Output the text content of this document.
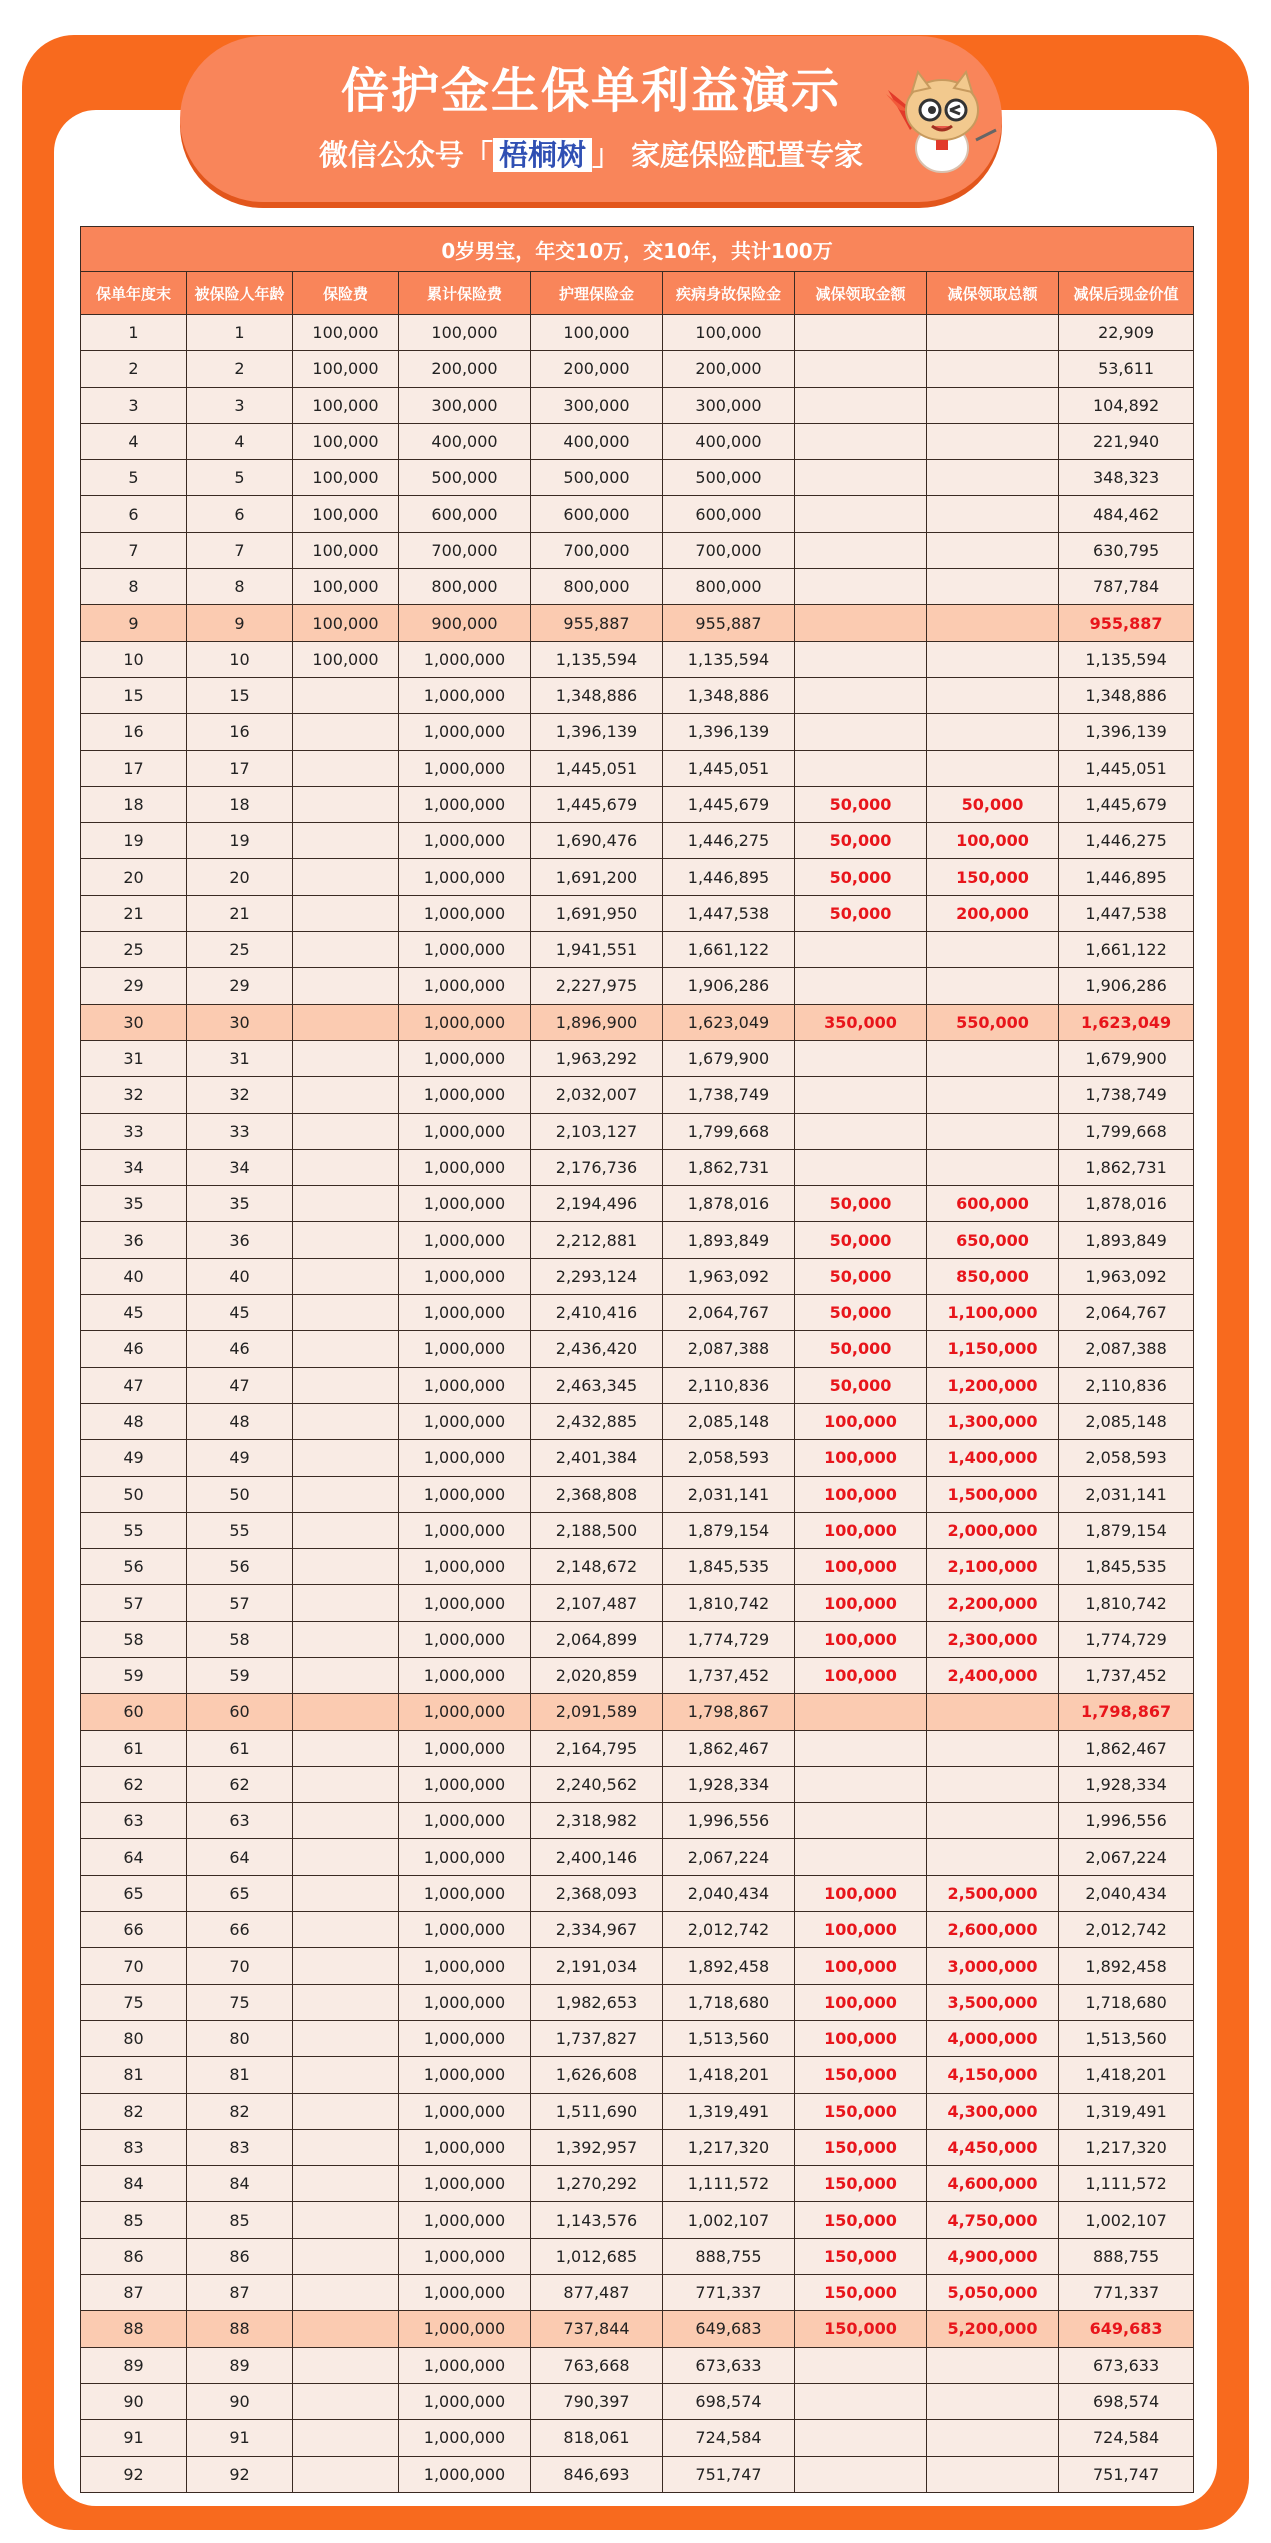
倍护金生保单利益演示
微信公众号「 梧桐树 」 家庭保险配置专家
0岁男宝，年交10万，交10年，共计100万								
保单年度末	被保险人年龄	保险费	累计保险费	护理保险金	疾病身故保险金	减保领取金额	减保领取总额	减保后现金价值
1	1	100,000	100,000	100,000	100,000			22,909
2	2	100,000	200,000	200,000	200,000			53,611
3	3	100,000	300,000	300,000	300,000			104,892
4	4	100,000	400,000	400,000	400,000			221,940
5	5	100,000	500,000	500,000	500,000			348,323
6	6	100,000	600,000	600,000	600,000			484,462
7	7	100,000	700,000	700,000	700,000			630,795
8	8	100,000	800,000	800,000	800,000			787,784
9	9	100,000	900,000	955,887	955,887			955,887
10	10	100,000	1,000,000	1,135,594	1,135,594			1,135,594
15	15		1,000,000	1,348,886	1,348,886			1,348,886
16	16		1,000,000	1,396,139	1,396,139			1,396,139
17	17		1,000,000	1,445,051	1,445,051			1,445,051
18	18		1,000,000	1,445,679	1,445,679	50,000	50,000	1,445,679
19	19		1,000,000	1,690,476	1,446,275	50,000	100,000	1,446,275
20	20		1,000,000	1,691,200	1,446,895	50,000	150,000	1,446,895
21	21		1,000,000	1,691,950	1,447,538	50,000	200,000	1,447,538
25	25		1,000,000	1,941,551	1,661,122			1,661,122
29	29		1,000,000	2,227,975	1,906,286			1,906,286
30	30		1,000,000	1,896,900	1,623,049	350,000	550,000	1,623,049
31	31		1,000,000	1,963,292	1,679,900			1,679,900
32	32		1,000,000	2,032,007	1,738,749			1,738,749
33	33		1,000,000	2,103,127	1,799,668			1,799,668
34	34		1,000,000	2,176,736	1,862,731			1,862,731
35	35		1,000,000	2,194,496	1,878,016	50,000	600,000	1,878,016
36	36		1,000,000	2,212,881	1,893,849	50,000	650,000	1,893,849
40	40		1,000,000	2,293,124	1,963,092	50,000	850,000	1,963,092
45	45		1,000,000	2,410,416	2,064,767	50,000	1,100,000	2,064,767
46	46		1,000,000	2,436,420	2,087,388	50,000	1,150,000	2,087,388
47	47		1,000,000	2,463,345	2,110,836	50,000	1,200,000	2,110,836
48	48		1,000,000	2,432,885	2,085,148	100,000	1,300,000	2,085,148
49	49		1,000,000	2,401,384	2,058,593	100,000	1,400,000	2,058,593
50	50		1,000,000	2,368,808	2,031,141	100,000	1,500,000	2,031,141
55	55		1,000,000	2,188,500	1,879,154	100,000	2,000,000	1,879,154
56	56		1,000,000	2,148,672	1,845,535	100,000	2,100,000	1,845,535
57	57		1,000,000	2,107,487	1,810,742	100,000	2,200,000	1,810,742
58	58		1,000,000	2,064,899	1,774,729	100,000	2,300,000	1,774,729
59	59		1,000,000	2,020,859	1,737,452	100,000	2,400,000	1,737,452
60	60		1,000,000	2,091,589	1,798,867			1,798,867
61	61		1,000,000	2,164,795	1,862,467			1,862,467
62	62		1,000,000	2,240,562	1,928,334			1,928,334
63	63		1,000,000	2,318,982	1,996,556			1,996,556
64	64		1,000,000	2,400,146	2,067,224			2,067,224
65	65		1,000,000	2,368,093	2,040,434	100,000	2,500,000	2,040,434
66	66		1,000,000	2,334,967	2,012,742	100,000	2,600,000	2,012,742
70	70		1,000,000	2,191,034	1,892,458	100,000	3,000,000	1,892,458
75	75		1,000,000	1,982,653	1,718,680	100,000	3,500,000	1,718,680
80	80		1,000,000	1,737,827	1,513,560	100,000	4,000,000	1,513,560
81	81		1,000,000	1,626,608	1,418,201	150,000	4,150,000	1,418,201
82	82		1,000,000	1,511,690	1,319,491	150,000	4,300,000	1,319,491
83	83		1,000,000	1,392,957	1,217,320	150,000	4,450,000	1,217,320
84	84		1,000,000	1,270,292	1,111,572	150,000	4,600,000	1,111,572
85	85		1,000,000	1,143,576	1,002,107	150,000	4,750,000	1,002,107
86	86		1,000,000	1,012,685	888,755	150,000	4,900,000	888,755
87	87		1,000,000	877,487	771,337	150,000	5,050,000	771,337
88	88		1,000,000	737,844	649,683	150,000	5,200,000	649,683
89	89		1,000,000	763,668	673,633			673,633
90	90		1,000,000	790,397	698,574			698,574
91	91		1,000,000	818,061	724,584			724,584
92	92		1,000,000	846,693	751,747			751,747
